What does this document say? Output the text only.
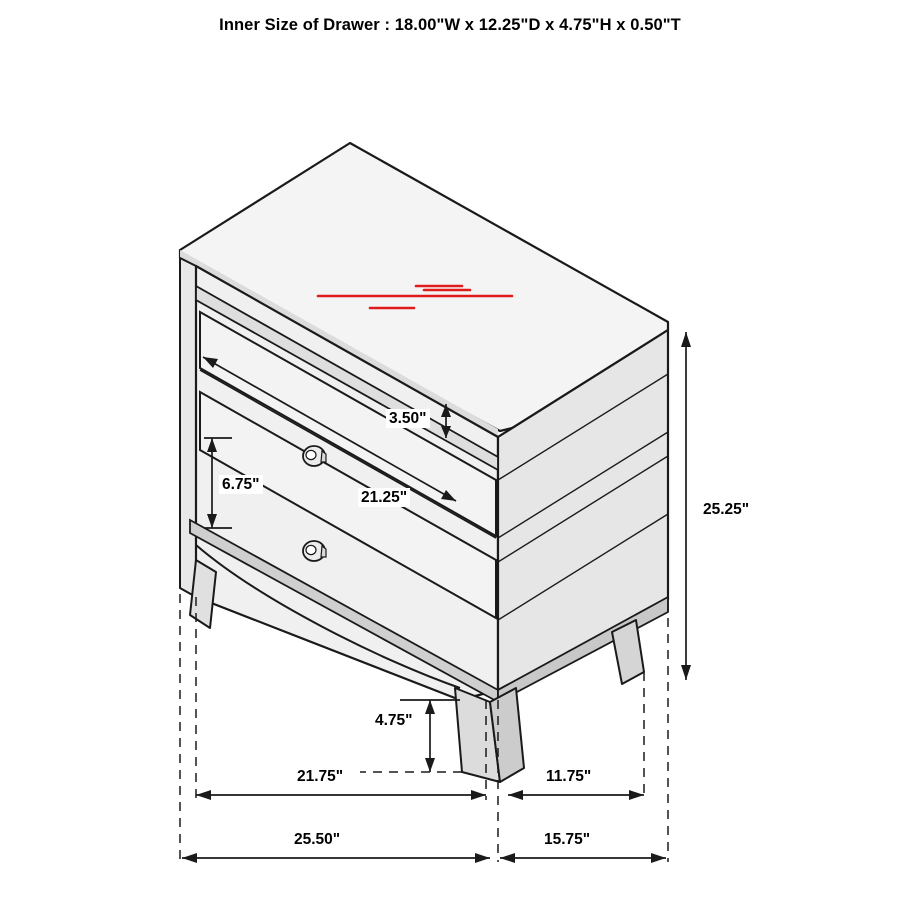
Inner Size of Drawer : 18.00"W x 12.25"D x 4.75"H x 0.50"T
3.50"
6.75"
21.25"
25.25"
4.75"
21.75"	11.75"
25.50"	15.75"
